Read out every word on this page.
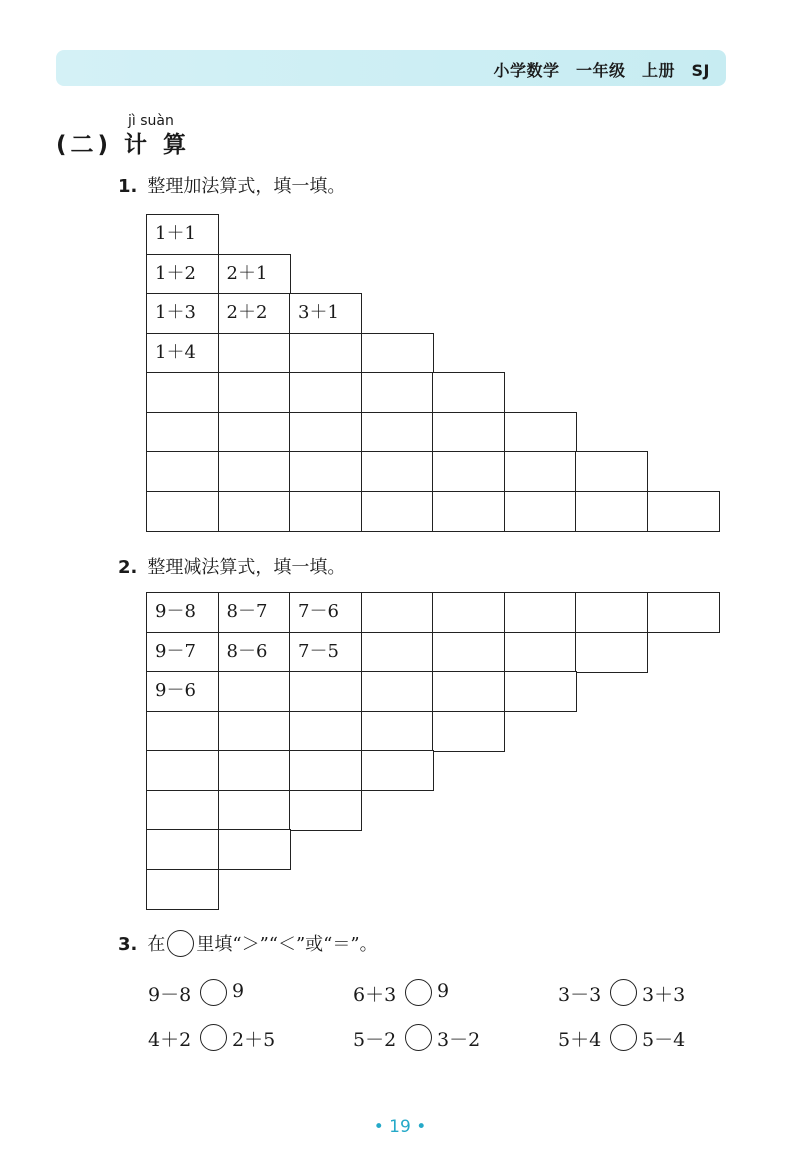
小学数学　一年级　上册　SJ
jì suàn
(二) 计 算
1. 整理加法算式，填一填。
1＋1
1＋2	2＋1
1＋3	2＋2	3＋1
1＋4
2. 整理减法算式，填一填。
9－8	8－7	7－6
9－7	8－6	7－5
9－6
3. 在 里填“＞”“＜”或“＝”。
9－8 9	6＋3 9	3－3 3＋3
4＋2 2＋5	5－2 3－2	5＋4 5－4
• 19 •
